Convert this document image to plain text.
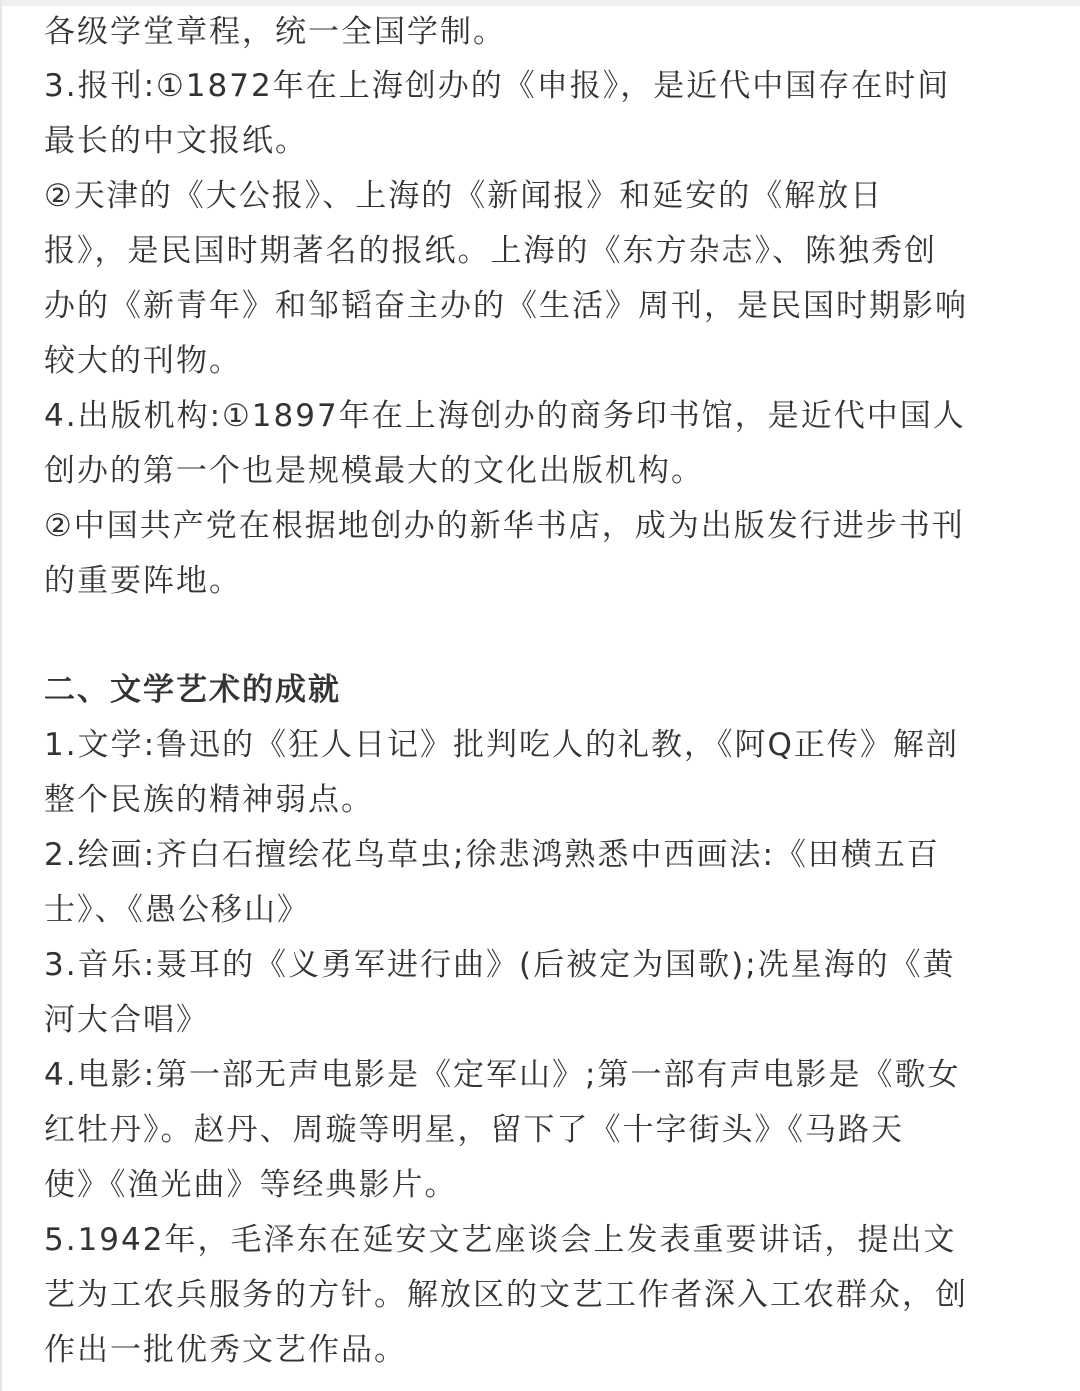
各级学堂章程，统一全国学制。
3.报刊:①1872年在上海创办的《申报》，是近代中国存在时间
最长的中文报纸。
②天津的《大公报》、上海的《新闻报》和延安的《解放日
报》，是民国时期著名的报纸。上海的《东方杂志》、陈独秀创
办的《新青年》和邹韬奋主办的《生活》周刊，是民国时期影响
较大的刊物。
4.出版机构:①1897年在上海创办的商务印书馆，是近代中国人
创办的第一个也是规模最大的文化出版机构。
②中国共产党在根据地创办的新华书店，成为出版发行进步书刊
的重要阵地。
二、文学艺术的成就
1.文学:鲁迅的《狂人日记》批判吃人的礼教，《阿Q正传》解剖
整个民族的精神弱点。
2.绘画:齐白石擅绘花鸟草虫;徐悲鸿熟悉中西画法:《田横五百
士》、《愚公移山》
3.音乐:聂耳的《义勇军进行曲》(后被定为国歌);冼星海的《黄
河大合唱》
4.电影:第一部无声电影是《定军山》;第一部有声电影是《歌女
红牡丹》。赵丹、周璇等明星，留下了《十字街头》《马路天
使》《渔光曲》等经典影片。
5.1942年，毛泽东在延安文艺座谈会上发表重要讲话，提出文
艺为工农兵服务的方针。解放区的文艺工作者深入工农群众，创
作出一批优秀文艺作品。
